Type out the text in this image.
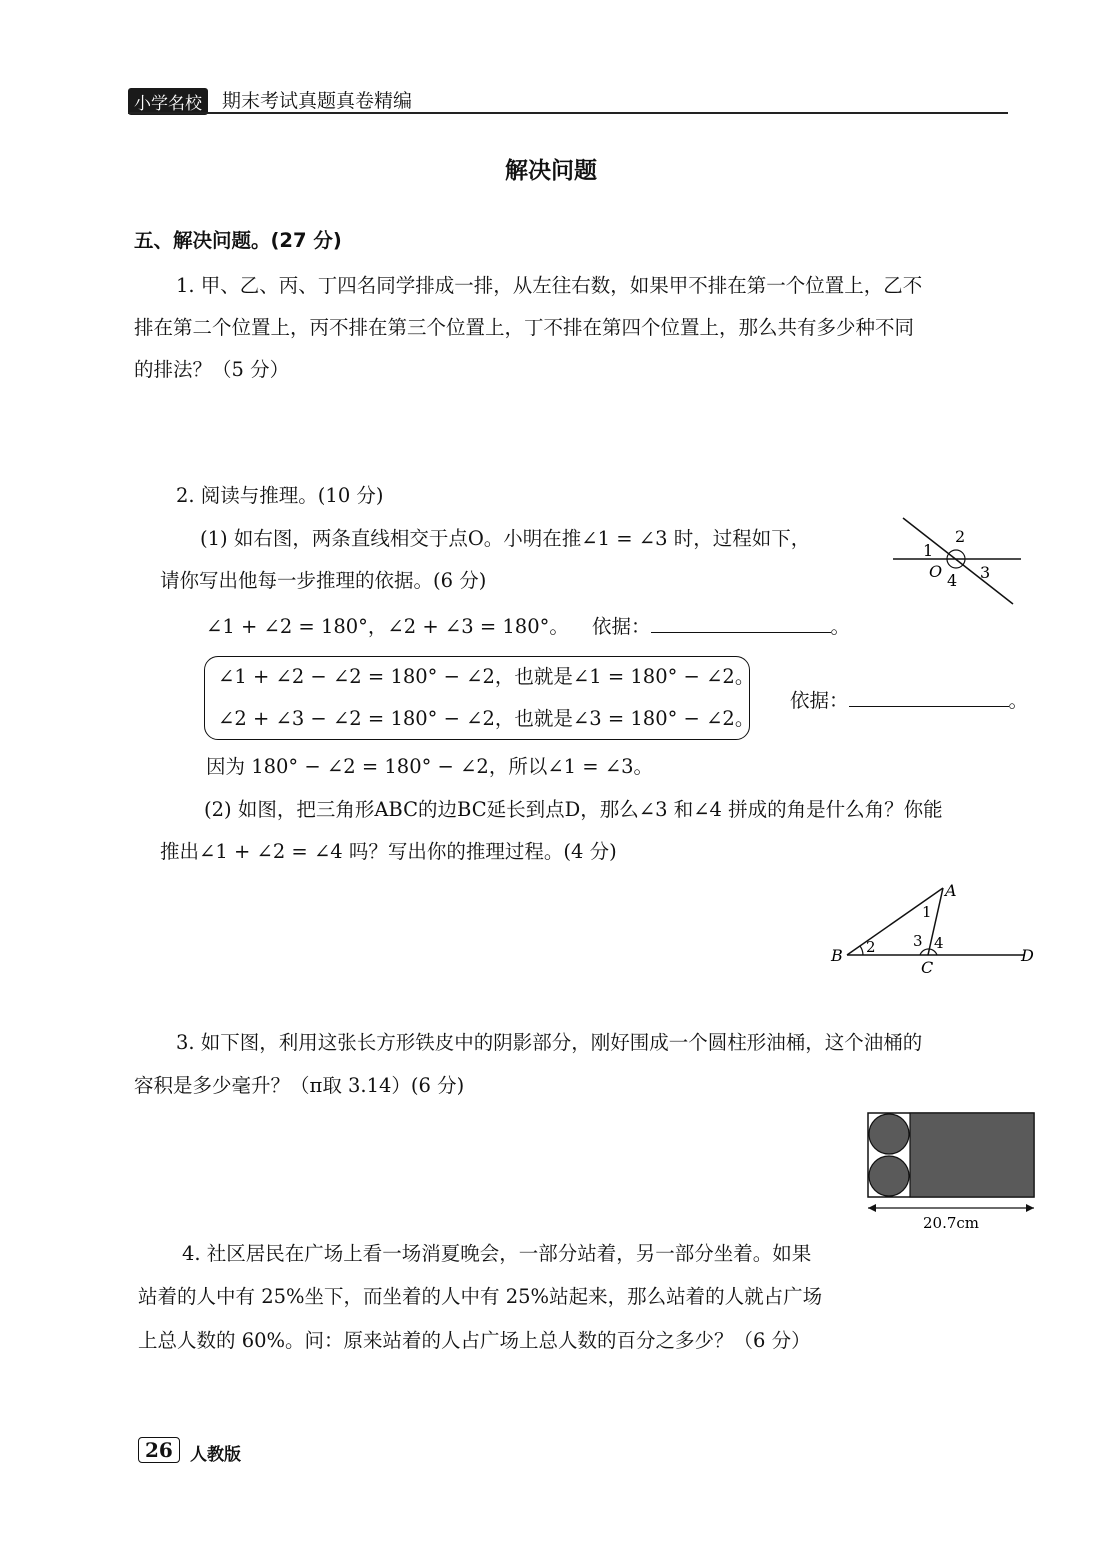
小学名校	期末考试真题真卷精编
解决问题
五、解决问题。(27 分)
1. 甲、乙、丙、丁四名同学排成一排，从左往右数，如果甲不排在第一个位置上，乙不
排在第二个位置上，丙不排在第三个位置上，丁不排在第四个位置上，那么共有多少种不同
的排法？（5 分）
2. 阅读与推理。(10 分)
(1) 如右图，两条直线相交于点O。小明在推∠1 = ∠3 时，过程如下，
请你写出他每一步推理的依据。(6 分)
2
1
O 4 3
∠1 + ∠2 = 180°，∠2 + ∠3 = 180°。 依据：	。
∠1 + ∠2 − ∠2 = 180° − ∠2，也就是∠1 = 180° − ∠2。
∠2 + ∠3 − ∠2 = 180° − ∠2，也就是∠3 = 180° − ∠2。
依据：	。
因为 180° − ∠2 = 180° − ∠2，所以∠1 = ∠3。
(2) 如图，把三角形ABC的边BC延长到点D，那么∠3 和∠4 拼成的角是什么角？你能
推出∠1 + ∠2 = ∠4 吗？写出你的推理过程。(4 分)
A
B
C
D
1
2 3 4
3. 如下图，利用这张长方形铁皮中的阴影部分，刚好围成一个圆柱形油桶，这个油桶的
容积是多少毫升？（π取 3.14）(6 分)
20.7cm
4. 社区居民在广场上看一场消夏晚会，一部分站着，另一部分坐着。如果
站着的人中有 25%坐下，而坐着的人中有 25%站起来，那么站着的人就占广场
上总人数的 60%。问：原来站着的人占广场上总人数的百分之多少？（6 分）
26	人教版
